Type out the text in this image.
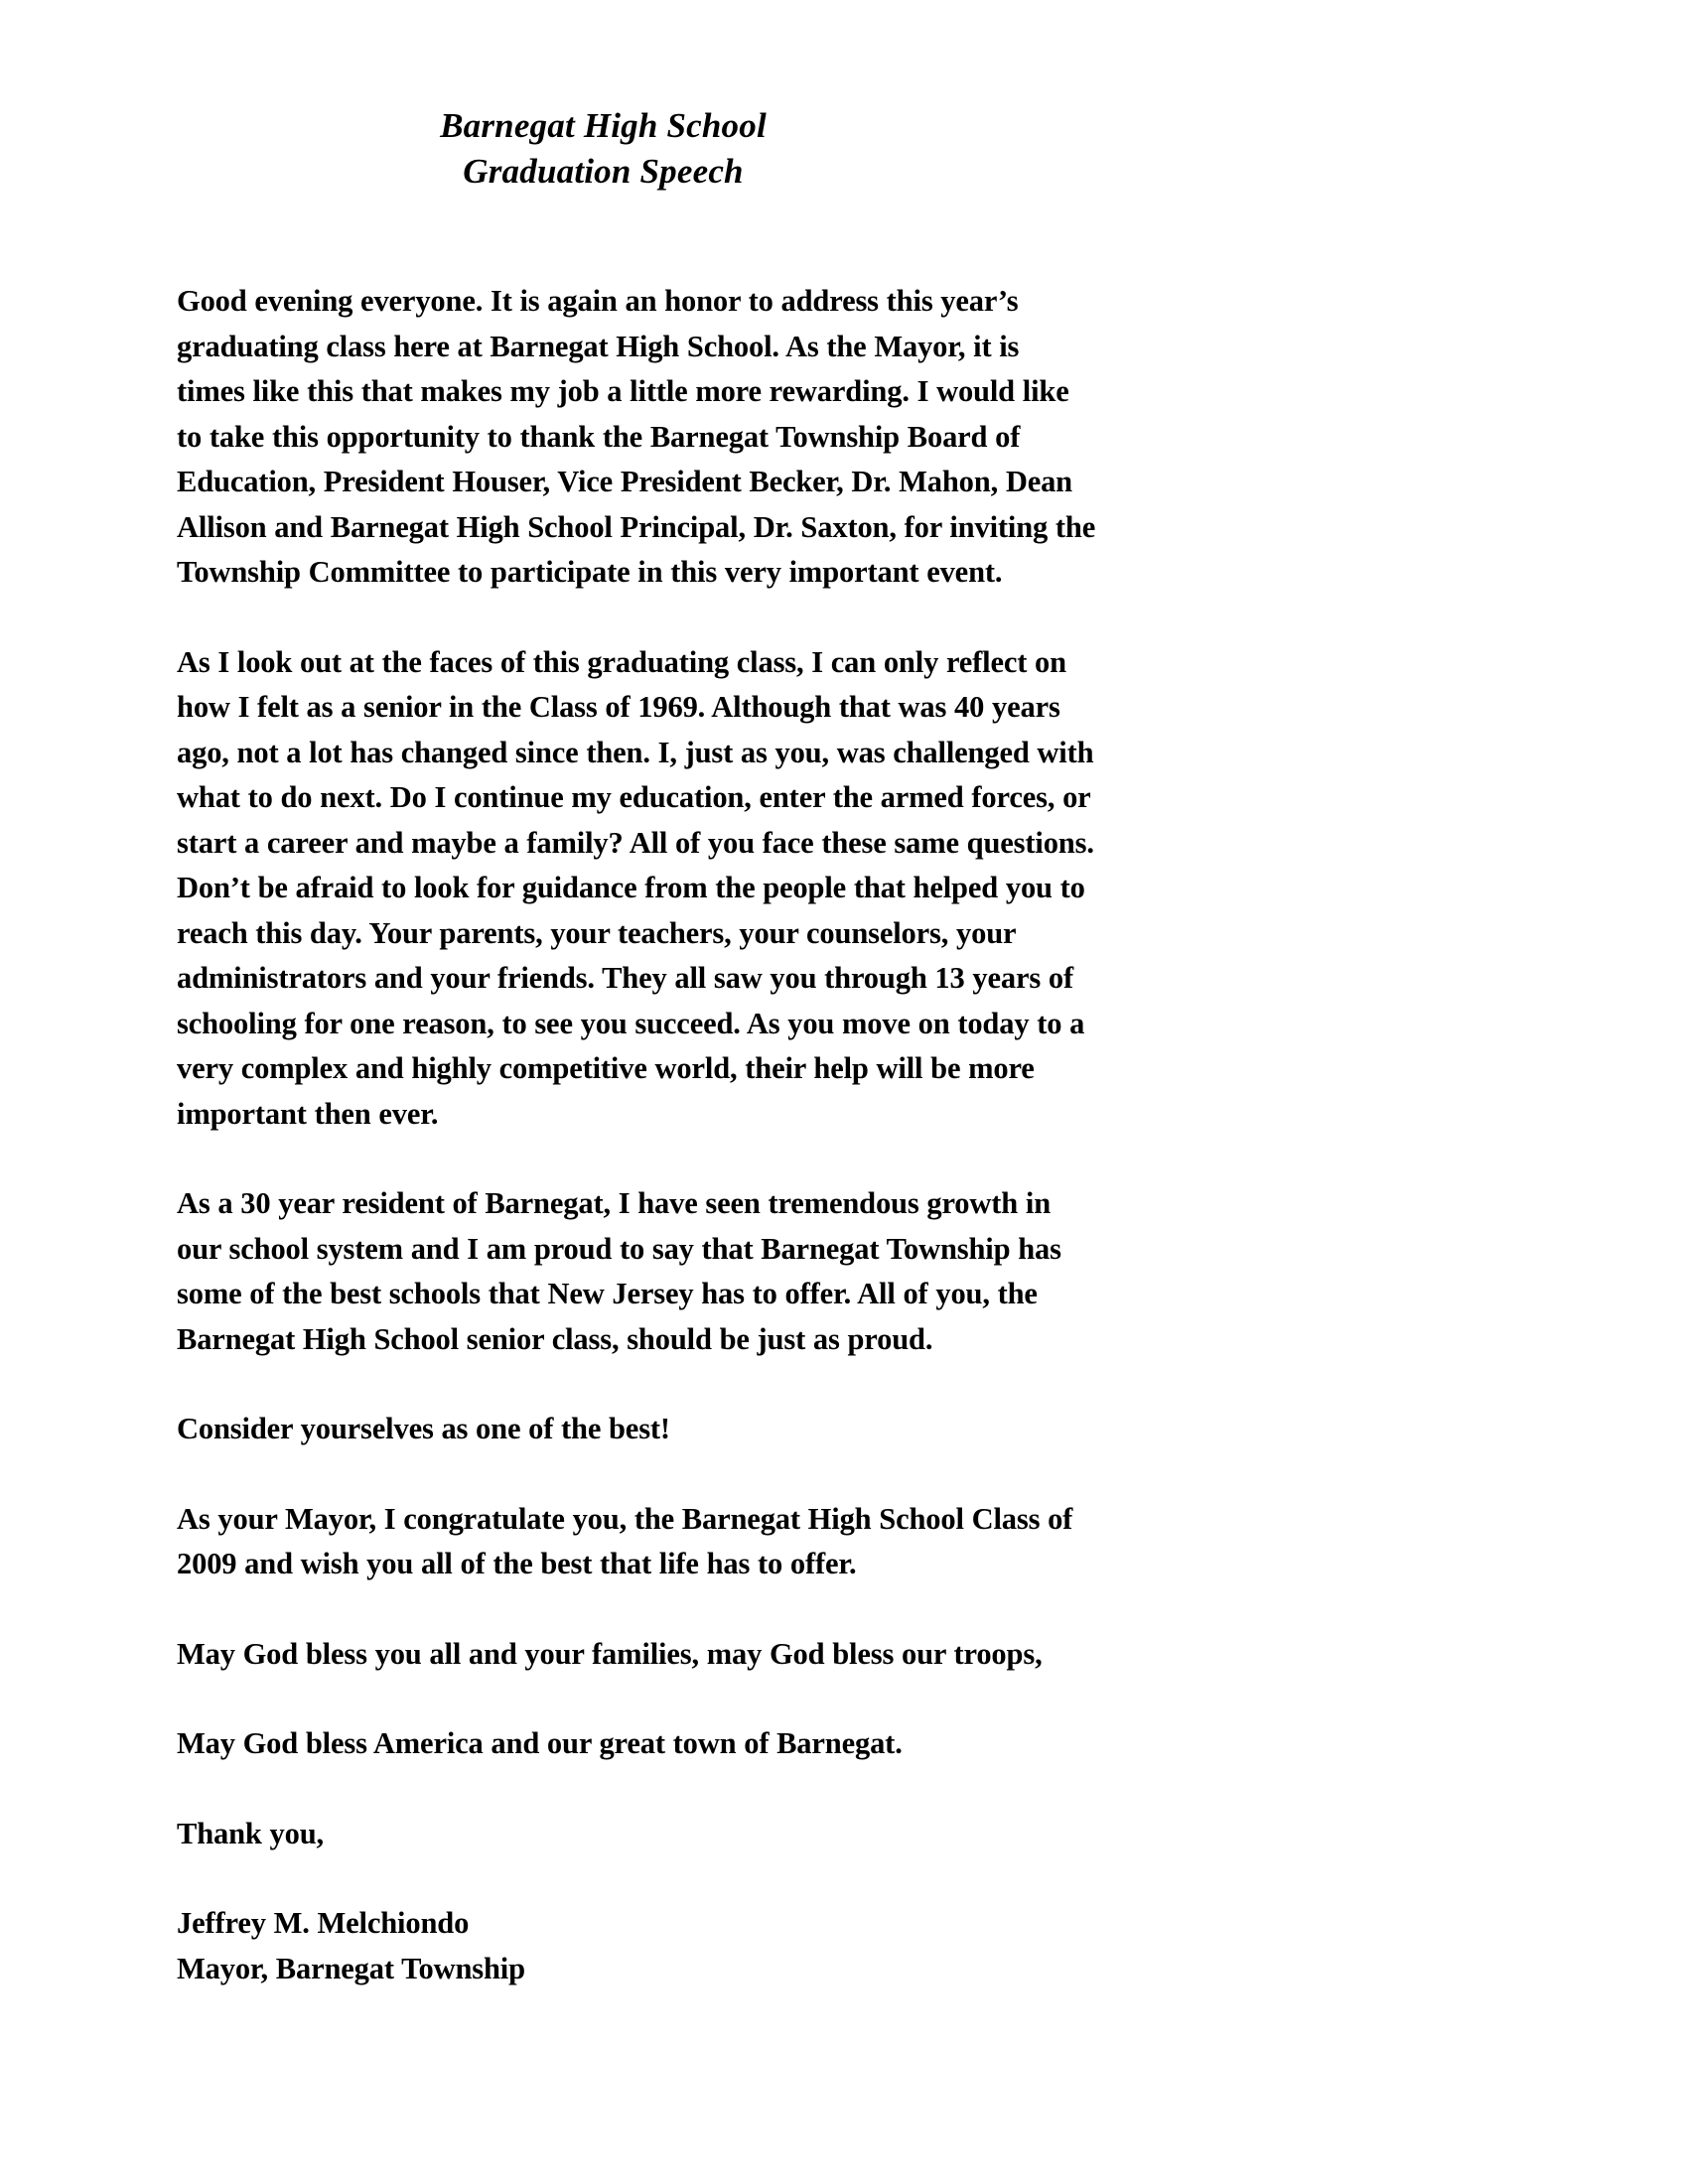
Barnegat High School
Graduation Speech

Good evening everyone. It is again an honor to address this year’s
graduating class here at Barnegat High School. As the Mayor, it is
times like this that makes my job a little more rewarding. I would like
to take this opportunity to thank the Barnegat Township Board of
Education, President Houser, Vice President Becker, Dr. Mahon, Dean
Allison and Barnegat High School Principal, Dr. Saxton, for inviting the
Township Committee to participate in this very important event.

As I look out at the faces of this graduating class, I can only reflect on
how I felt as a senior in the Class of 1969. Although that was 40 years
ago, not a lot has changed since then. I, just as you, was challenged with
what to do next. Do I continue my education, enter the armed forces, or
start a career and maybe a family? All of you face these same questions.
Don’t be afraid to look for guidance from the people that helped you to
reach this day. Your parents, your teachers, your counselors, your
administrators and your friends. They all saw you through 13 years of
schooling for one reason, to see you succeed. As you move on today to a
very complex and highly competitive world, their help will be more
important then ever.

As a 30 year resident of Barnegat, I have seen tremendous growth in
our school system and I am proud to say that Barnegat Township has
some of the best schools that New Jersey has to offer. All of you, the
Barnegat High School senior class, should be just as proud.

Consider yourselves as one of the best!

As your Mayor, I congratulate you, the Barnegat High School Class of
2009 and wish you all of the best that life has to offer.

May God bless you all and your families, may God bless our troops,

May God bless America and our great town of Barnegat.

Thank you,

Jeffrey M. Melchiondo
Mayor, Barnegat Township
